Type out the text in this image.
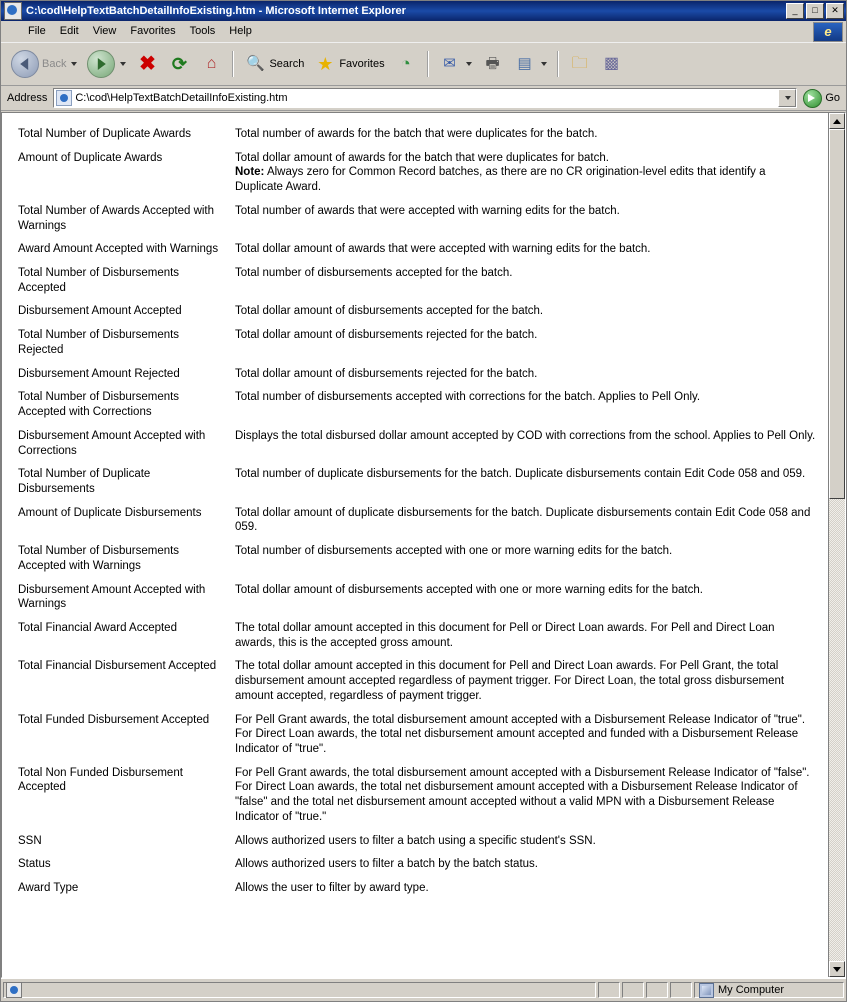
C:\cod\HelpTextBatchDetailInfoExisting.htm - Microsoft Internet Explorer	_	□	✕
File	Edit	View	Favorites	Tools	Help
e
Back	✖ ⟳	⌂	🔍 Search ★ Favorites ◔	✉	🖶 ▤ 🗀 ▩
Address	C:\cod\HelpTextBatchDetailInfoExisting.htm	Go
Total Number of Duplicate Awards	Total number of awards for the batch that were duplicates for the batch.
Amount of Duplicate Awards	Total dollar amount of awards for the batch that were duplicates for batch.
Note: Always zero for Common Record batches, as there are no CR origination-level edits that identify a Duplicate Award.
Total Number of Awards Accepted with Warnings	Total number of awards that were accepted with warning edits for the batch.
Award Amount Accepted with Warnings	Total dollar amount of awards that were accepted with warning edits for the batch.
Total Number of Disbursements Accepted	Total number of disbursements accepted for the batch.
Disbursement Amount Accepted	Total dollar amount of disbursements accepted for the batch.
Total Number of Disbursements Rejected	Total dollar amount of disbursements rejected for the batch.
Disbursement Amount Rejected	Total dollar amount of disbursements rejected for the batch.
Total Number of Disbursements Accepted with Corrections	Total number of disbursements accepted with corrections for the batch. Applies to Pell Only.
Disbursement Amount Accepted with Corrections	Displays the total disbursed dollar amount accepted by COD with corrections from the school. Applies to Pell Only.
Total Number of Duplicate Disbursements	Total number of duplicate disbursements for the batch. Duplicate disbursements contain Edit Code 058 and 059.
Amount of Duplicate Disbursements	Total dollar amount of duplicate disbursements for the batch. Duplicate disbursements contain Edit Code 058 and 059.
Total Number of Disbursements Accepted with Warnings	Total number of disbursements accepted with one or more warning edits for the batch.
Disbursement Amount Accepted with Warnings	Total dollar amount of disbursements accepted with one or more warning edits for the batch.
Total Financial Award Accepted	The total dollar amount accepted in this document for Pell or Direct Loan awards. For Pell and Direct Loan awards, this is the accepted gross amount.
Total Financial Disbursement Accepted	The total dollar amount accepted in this document for Pell and Direct Loan awards. For Pell Grant, the total disbursement amount accepted regardless of payment trigger. For Direct Loan, the total gross disbursement amount accepted, regardless of payment trigger.
Total Funded Disbursement Accepted	For Pell Grant awards, the total disbursement amount accepted with a Disbursement Release Indicator of "true". For Direct Loan awards, the total net disbursement amount accepted and funded with a Disbursement Release Indicator of "true".
Total Non Funded Disbursement Accepted	For Pell Grant awards, the total disbursement amount accepted with a Disbursement Release Indicator of "false". For Direct Loan awards, the total net disbursement amount accepted with a Disbursement Release Indicator of "false" and the total net disbursement amount accepted without a valid MPN with a Disbursement Release Indicator of "true."
SSN	Allows authorized users to filter a batch using a specific student's SSN.
Status	Allows authorized users to filter a batch by the batch status.
Award Type	Allows the user to filter by award type.
My Computer
